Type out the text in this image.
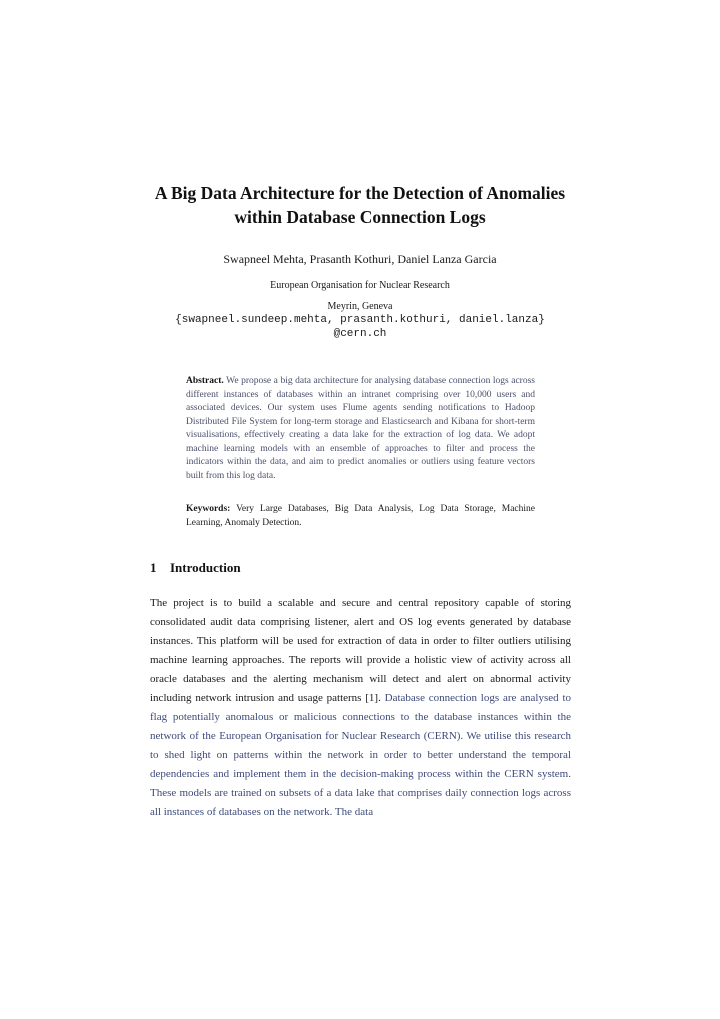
A Big Data Architecture for the Detection of Anomalies
within Database Connection Logs
Swapneel Mehta, Prasanth Kothuri, Daniel Lanza Garcia
European Organisation for Nuclear Research
Meyrin, Geneva
{swapneel.sundeep.mehta, prasanth.kothuri, daniel.lanza}
@cern.ch
Abstract. We propose a big data architecture for analysing database connection logs across different instances of databases within an intranet comprising over 10,000 users and associated devices. Our system uses Flume agents sending notifications to Hadoop Distributed File System for long-term storage and Elasticsearch and Kibana for short-term visualisations, effectively creating a data lake for the extraction of log data. We adopt machine learning models with an ensemble of approaches to filter and process the indicators within the data, and aim to predict anomalies or outliers using feature vectors built from this log data.
Keywords: Very Large Databases, Big Data Analysis, Log Data Storage, Machine Learning, Anomaly Detection.
1 Introduction
The project is to build a scalable and secure and central repository capable of storing consolidated audit data comprising listener, alert and OS log events generated by database instances. This platform will be used for extraction of data in order to filter outliers utilising machine learning approaches. The reports will provide a holistic view of activity across all oracle databases and the alerting mechanism will detect and alert on abnormal activity including network intrusion and usage patterns [1]. Database connection logs are analysed to flag potentially anomalous or malicious connections to the database instances within the network of the European Organisation for Nuclear Research (CERN). We utilise this research to shed light on patterns within the network in order to better understand the temporal dependencies and implement them in the decision-making process within the CERN system. These models are trained on subsets of a data lake that comprises daily connection logs across all instances of databases on the network. The data
